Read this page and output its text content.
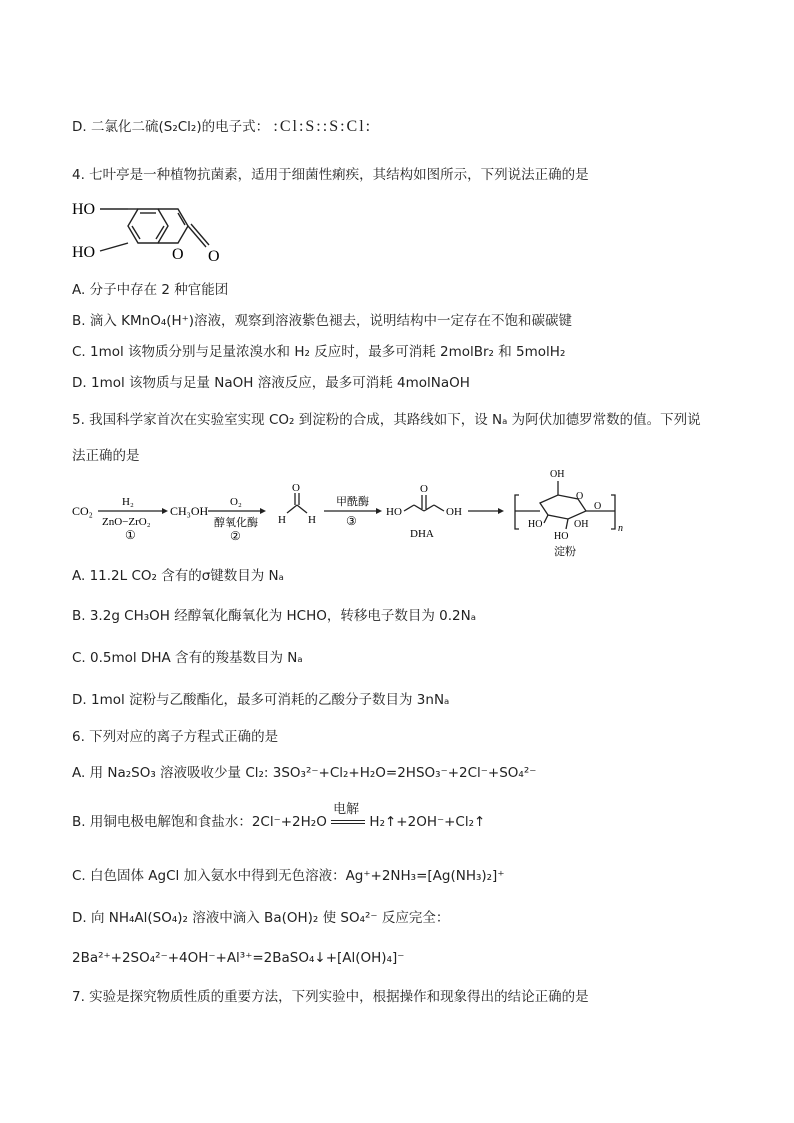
D. 二氯化二硫(S₂Cl₂)的电子式： :Cl:S::S:Cl:
4. 七叶亭是一种植物抗菌素，适用于细菌性痢疾，其结构如图所示，下列说法正确的是
HO
HO	O O
A. 分子中存在 2 种官能团
B. 滴入 KMnO₄(H⁺)溶液，观察到溶液紫色褪去，说明结构中一定存在不饱和碳碳键
C. 1mol 该物质分别与足量浓溴水和 H₂ 反应时，最多可消耗 2molBr₂ 和 5molH₂
D. 1mol 该物质与足量 NaOH 溶液反应，最多可消耗 4molNaOH
5. 我国科学家首次在实验室实现 CO₂ 到淀粉的合成，其路线如下，设 Nₐ 为阿伏加德罗常数的值。下列说
法正确的是
CO₂
H₂
ZnO−ZrO₂
①
CH₃OH
O₂
醇氧化酶
②
O
H H
甲酰酶
③
HO
O
OH
DHA
OH
HO
HO
OH
O
O
n
淀粉
A. 11.2L CO₂ 含有的σ键数目为 Nₐ
B. 3.2g CH₃OH 经醇氧化酶氧化为 HCHO，转移电子数目为 0.2Nₐ
C. 0.5mol DHA 含有的羧基数目为 Nₐ
D. 1mol 淀粉与乙酸酯化，最多可消耗的乙酸分子数目为 3nNₐ
6. 下列对应的离子方程式正确的是
A. 用 Na₂SO₃ 溶液吸收少量 Cl₂: 3SO₃²⁻+Cl₂+H₂O=2HSO₃⁻+2Cl⁻+SO₄²⁻
B. 用铜电极电解饱和食盐水：2Cl⁻+2H₂O
电解
H₂↑+2OH⁻+Cl₂↑
C. 白色固体 AgCl 加入氨水中得到无色溶液：Ag⁺+2NH₃=[Ag(NH₃)₂]⁺
D. 向 NH₄Al(SO₄)₂ 溶液中滴入 Ba(OH)₂ 使 SO₄²⁻ 反应完全：
2Ba²⁺+2SO₄²⁻+4OH⁻+Al³⁺=2BaSO₄↓+[Al(OH)₄]⁻
7. 实验是探究物质性质的重要方法，下列实验中，根据操作和现象得出的结论正确的是
